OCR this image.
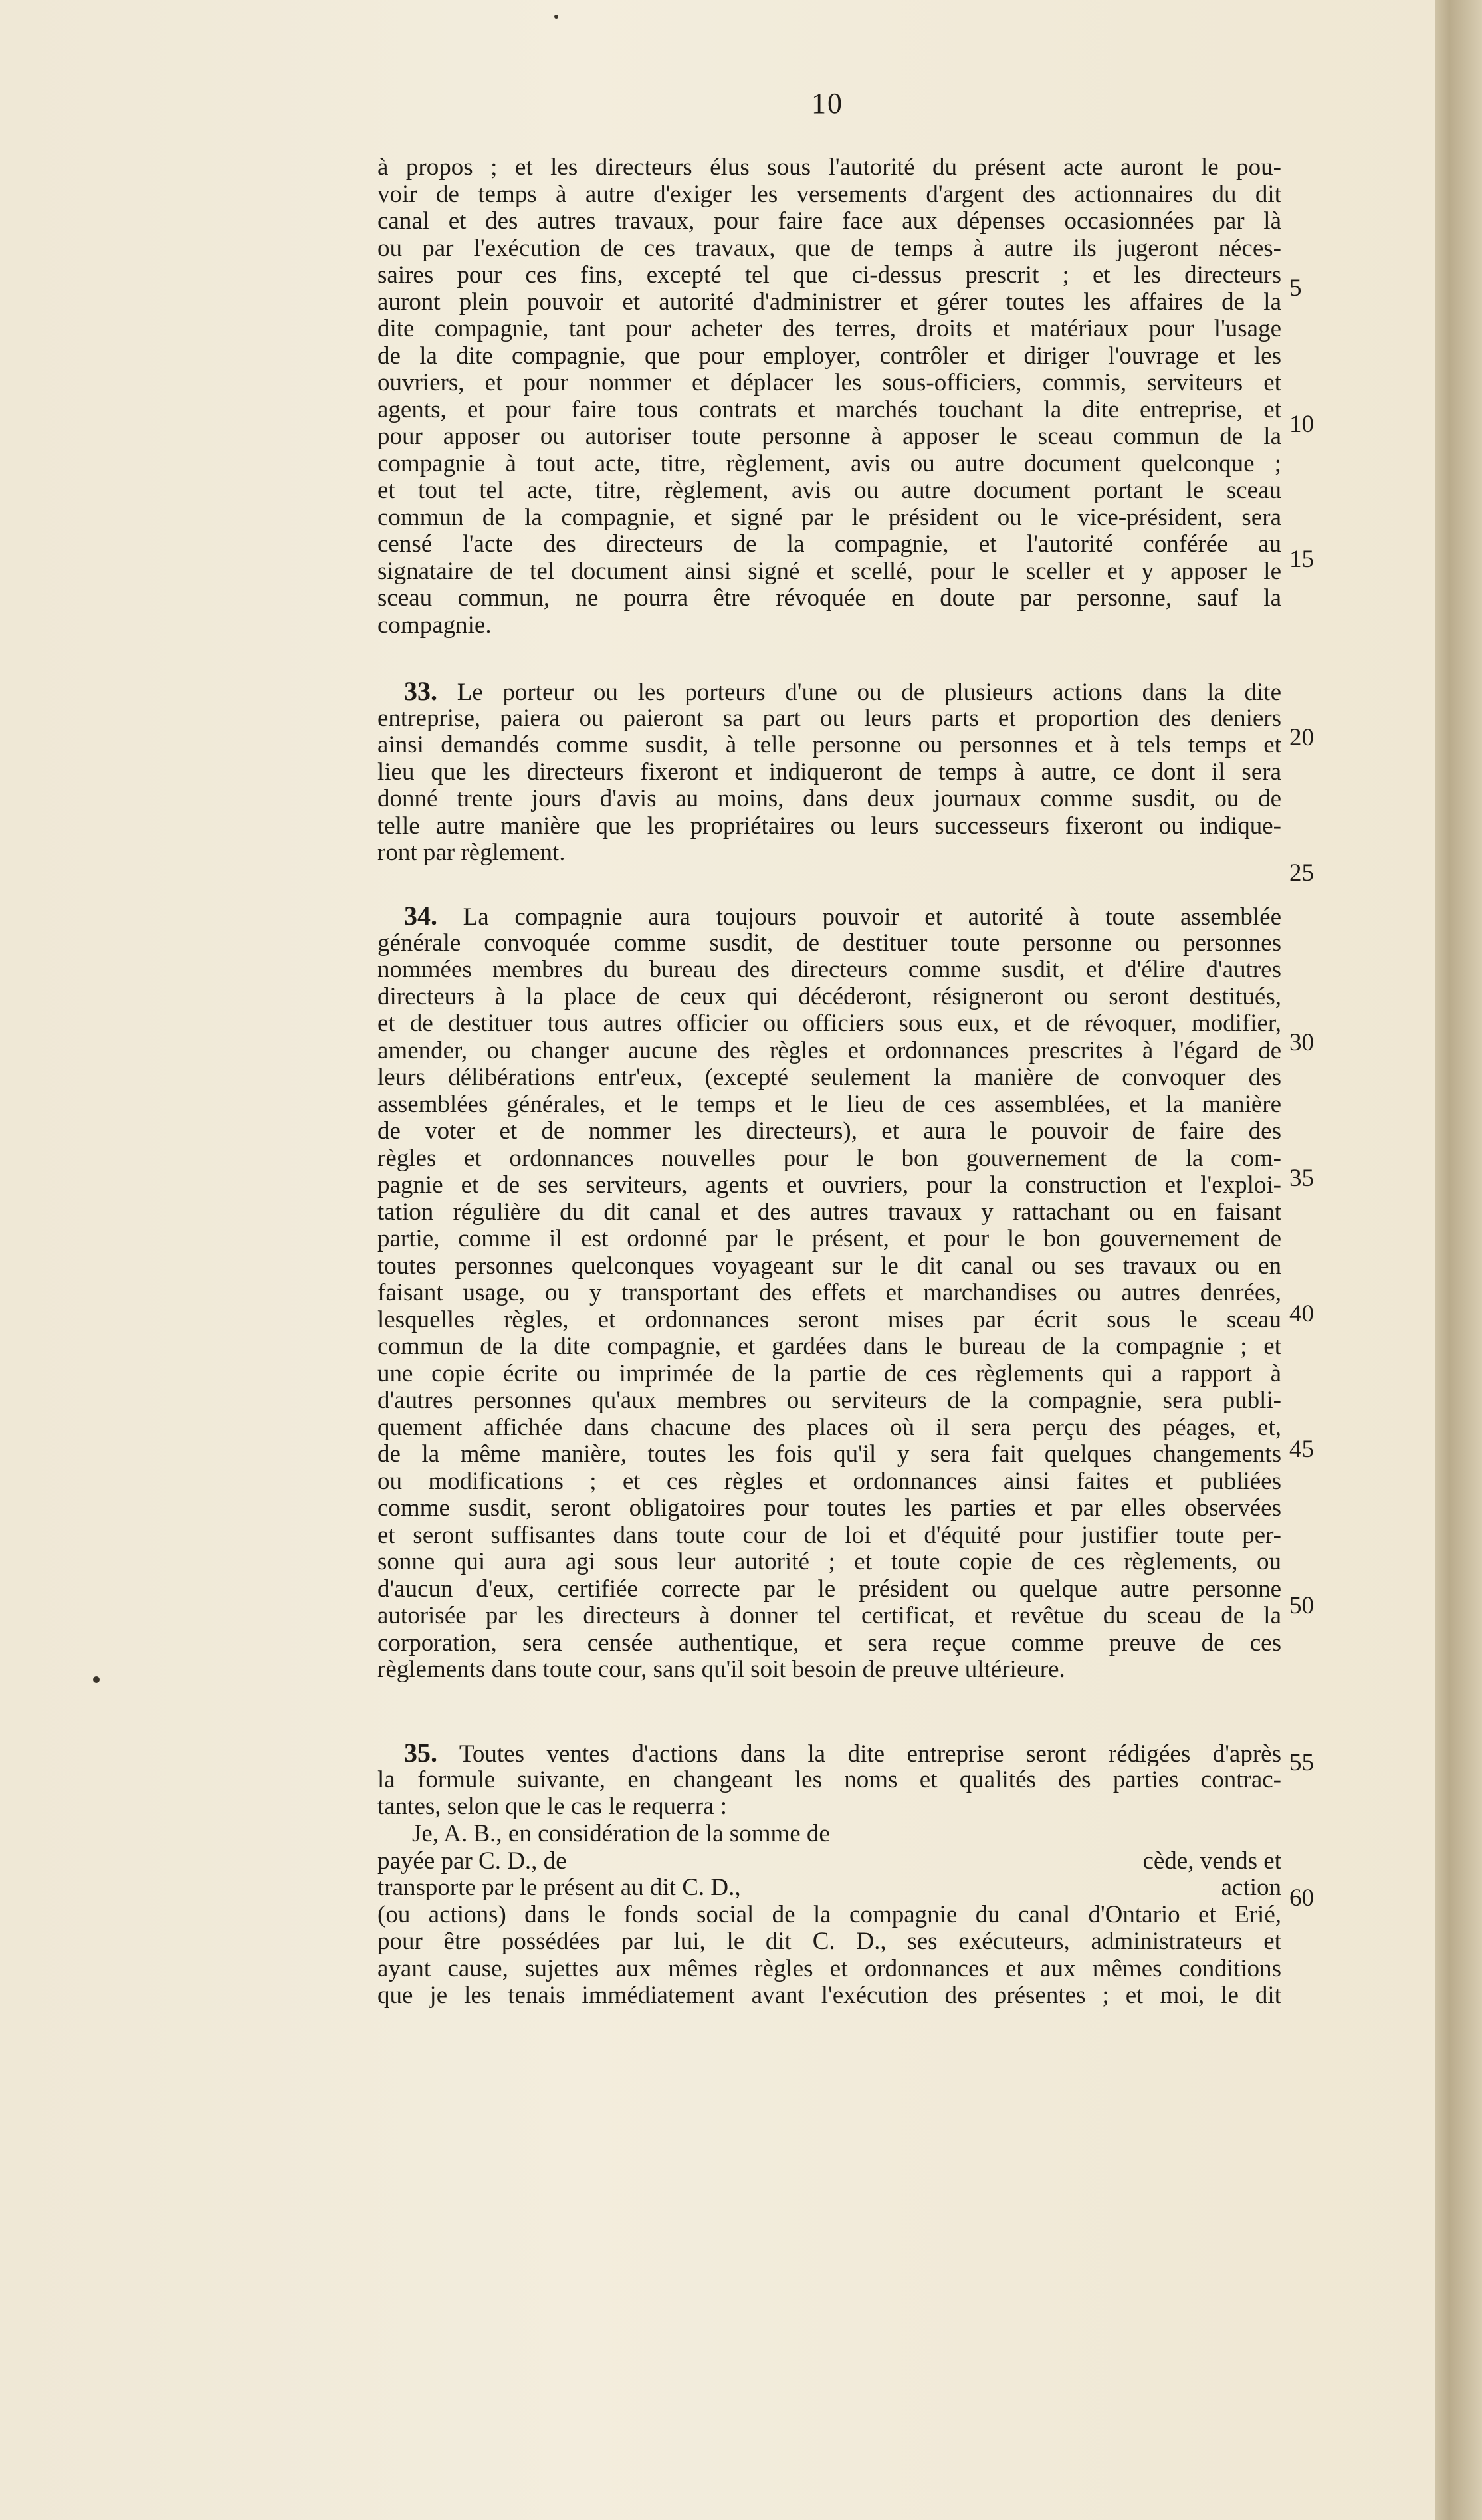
10
à propos ; et les directeurs élus sous l'autorité du présent acte auront le pou-
voir de temps à autre d'exiger les versements d'argent des actionnaires du dit
canal et des autres travaux, pour faire face aux dépenses occasionnées par là
ou par l'exécution de ces travaux, que de temps à autre ils jugeront néces-
saires pour ces fins, excepté tel que ci-dessus prescrit ; et les directeurs
auront plein pouvoir et autorité d'administrer et gérer toutes les affaires de la
dite compagnie, tant pour acheter des terres, droits et matériaux pour l'usage
de la dite compagnie, que pour employer, contrôler et diriger l'ouvrage et les
ouvriers, et pour nommer et déplacer les sous-officiers, commis, serviteurs et
agents, et pour faire tous contrats et marchés touchant la dite entreprise, et
pour apposer ou autoriser toute personne à apposer le sceau commun de la
compagnie à tout acte, titre, règlement, avis ou autre document quelconque ;
et tout tel acte, titre, règlement, avis ou autre document portant le sceau
commun de la compagnie, et signé par le président ou le vice-président, sera
censé l'acte des directeurs de la compagnie, et l'autorité conférée au
signataire de tel document ainsi signé et scellé, pour le sceller et y apposer le
sceau commun, ne pourra être révoquée en doute par personne, sauf la
compagnie.
33. Le porteur ou les porteurs d'une ou de plusieurs actions dans la dite
entreprise, paiera ou paieront sa part ou leurs parts et proportion des deniers
ainsi demandés comme susdit, à telle personne ou personnes et à tels temps et
lieu que les directeurs fixeront et indiqueront de temps à autre, ce dont il sera
donné trente jours d'avis au moins, dans deux journaux comme susdit, ou de
telle autre manière que les propriétaires ou leurs successeurs fixeront ou indique-
ront par règlement.
34. La compagnie aura toujours pouvoir et autorité à toute assemblée
générale convoquée comme susdit, de destituer toute personne ou personnes
nommées membres du bureau des directeurs comme susdit, et d'élire d'autres
directeurs à la place de ceux qui décéderont, résigneront ou seront destitués,
et de destituer tous autres officier ou officiers sous eux, et de révoquer, modifier,
amender, ou changer aucune des règles et ordonnances prescrites à l'égard de
leurs délibérations entr'eux, (excepté seulement la manière de convoquer des
assemblées générales, et le temps et le lieu de ces assemblées, et la manière
de voter et de nommer les directeurs), et aura le pouvoir de faire des
règles et ordonnances nouvelles pour le bon gouvernement de la com-
pagnie et de ses serviteurs, agents et ouvriers, pour la construction et l'exploi-
tation régulière du dit canal et des autres travaux y rattachant ou en faisant
partie, comme il est ordonné par le présent, et pour le bon gouvernement de
toutes personnes quelconques voyageant sur le dit canal ou ses travaux ou en
faisant usage, ou y transportant des effets et marchandises ou autres denrées,
lesquelles règles, et ordonnances seront mises par écrit sous le sceau
commun de la dite compagnie, et gardées dans le bureau de la compagnie ; et
une copie écrite ou imprimée de la partie de ces règlements qui a rapport à
d'autres personnes qu'aux membres ou serviteurs de la compagnie, sera publi-
quement affichée dans chacune des places où il sera perçu des péages, et,
de la même manière, toutes les fois qu'il y sera fait quelques changements
ou modifications ; et ces règles et ordonnances ainsi faites et publiées
comme susdit, seront obligatoires pour toutes les parties et par elles observées
et seront suffisantes dans toute cour de loi et d'équité pour justifier toute per-
sonne qui aura agi sous leur autorité ; et toute copie de ces règlements, ou
d'aucun d'eux, certifiée correcte par le président ou quelque autre personne
autorisée par les directeurs à donner tel certificat, et revêtue du sceau de la
corporation, sera censée authentique, et sera reçue comme preuve de ces
règlements dans toute cour, sans qu'il soit besoin de preuve ultérieure.
35. Toutes ventes d'actions dans la dite entreprise seront rédigées d'après
la formule suivante, en changeant les noms et qualités des parties contrac-
tantes, selon que le cas le requerra :
Je, A. B., en considération de la somme de
payée par C. D., de	cède, vends et
transporte par le présent au dit C. D.,	action
(ou actions) dans le fonds social de la compagnie du canal d'Ontario et Erié,
pour être possédées par lui, le dit C. D., ses exécuteurs, administrateurs et
ayant cause, sujettes aux mêmes règles et ordonnances et aux mêmes conditions
que je les tenais immédiatement avant l'exécution des présentes ; et moi, le dit
5
10
15
20
25
30
35
40
45
50
55
60
